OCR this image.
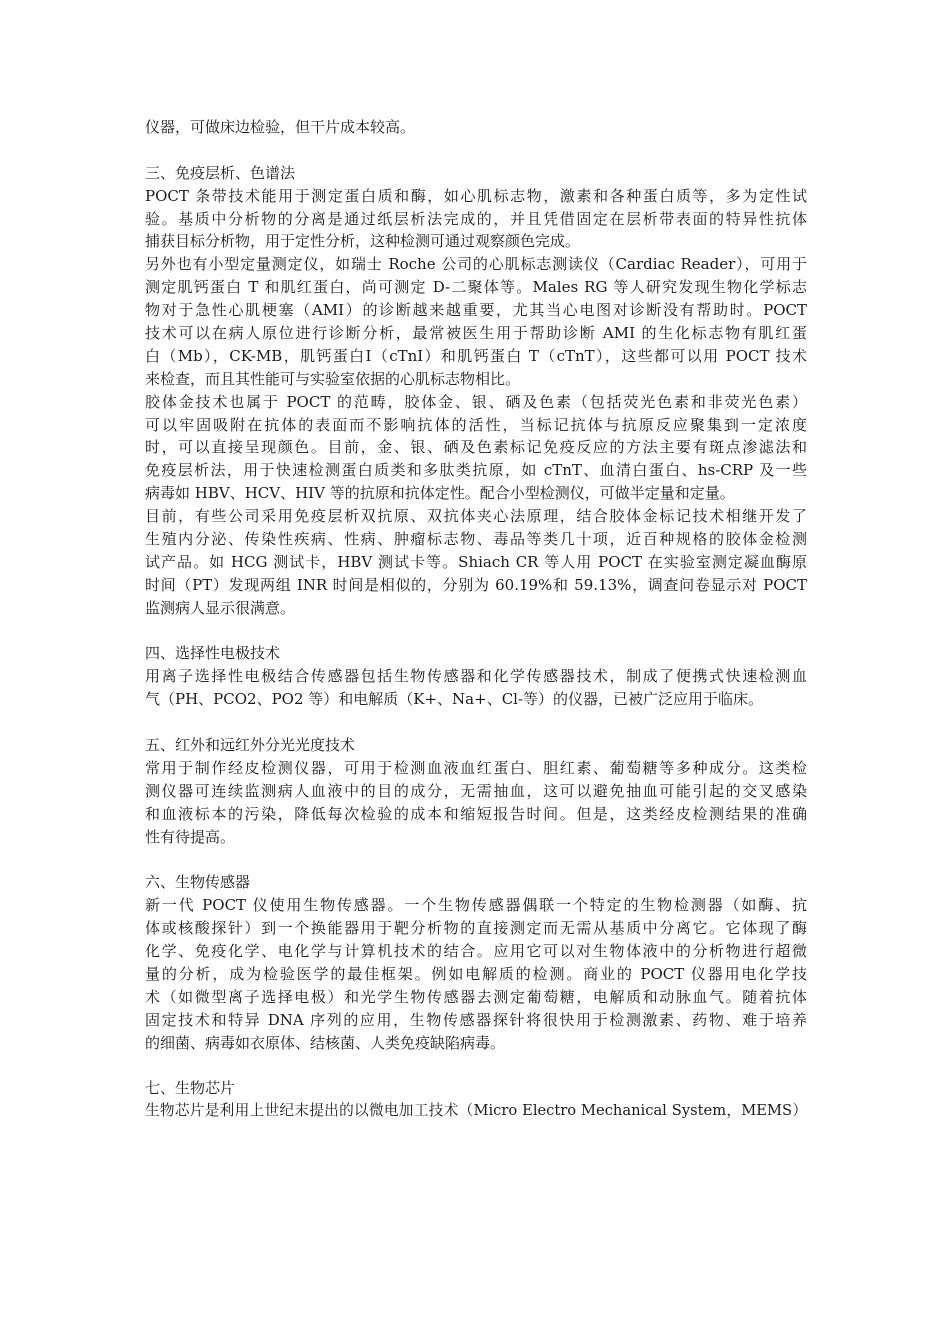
仪器，可做床边检验，但干片成本较高。
三、免疫层析、色谱法
POCT 条带技术能用于测定蛋白质和酶，如心肌标志物，激素和各种蛋白质等，多为定性试
验。基质中分析物的分离是通过纸层析法完成的，并且凭借固定在层析带表面的特异性抗体
捕获目标分析物，用于定性分析，这种检测可通过观察颜色完成。
另外也有小型定量测定仪，如瑞士 Roche 公司的心肌标志测读仪（Cardiac Reader），可用于
测定肌钙蛋白 T 和肌红蛋白，尚可测定 D-二聚体等。Males RG 等人研究发现生物化学标志
物对于急性心肌梗塞（AMI）的诊断越来越重要，尤其当心电图对诊断没有帮助时。POCT
技术可以在病人原位进行诊断分析，最常被医生用于帮助诊断 AMI 的生化标志物有肌红蛋
白（Mb），CK-MB，肌钙蛋白Ⅰ（cTnI）和肌钙蛋白 T（cTnT），这些都可以用 POCT 技术
来检查，而且其性能可与实验室依据的心肌标志物相比。
胶体金技术也属于 POCT 的范畴，胶体金、银、硒及色素（包括荧光色素和非荧光色素）
可以牢固吸附在抗体的表面而不影响抗体的活性，当标记抗体与抗原反应聚集到一定浓度
时，可以直接呈现颜色。目前，金、银、硒及色素标记免疫反应的方法主要有斑点渗滤法和
免疫层析法，用于快速检测蛋白质类和多肽类抗原，如 cTnT、血清白蛋白、hs-CRP 及一些
病毒如 HBV、HCV、HIV 等的抗原和抗体定性。配合小型检测仪，可做半定量和定量。
目前，有些公司采用免疫层析双抗原、双抗体夹心法原理，结合胶体金标记技术相继开发了
生殖内分泌、传染性疾病、性病、肿瘤标志物、毒品等类几十项，近百种规格的胶体金检测
试产品。如 HCG 测试卡，HBV 测试卡等。Shiach CR 等人用 POCT 在实验室测定凝血酶原
时间（PT）发现两组 INR 时间是相似的，分别为 60.19%和 59.13%，调查问卷显示对 POCT
监测病人显示很满意。
四、选择性电极技术
用离子选择性电极结合传感器包括生物传感器和化学传感器技术，制成了便携式快速检测血
气（PH、PCO2、PO2 等）和电解质（K+、Na+、Cl-等）的仪器，已被广泛应用于临床。
五、红外和远红外分光光度技术
常用于制作经皮检测仪器，可用于检测血液血红蛋白、胆红素、葡萄糖等多种成分。这类检
测仪器可连续监测病人血液中的目的成分，无需抽血，这可以避免抽血可能引起的交叉感染
和血液标本的污染，降低每次检验的成本和缩短报告时间。但是，这类经皮检测结果的准确
性有待提高。
六、生物传感器
新一代 POCT 仪使用生物传感器。一个生物传感器偶联一个特定的生物检测器（如酶、抗
体或核酸探针）到一个换能器用于靶分析物的直接测定而无需从基质中分离它。它体现了酶
化学、免疫化学、电化学与计算机技术的结合。应用它可以对生物体液中的分析物进行超微
量的分析，成为检验医学的最佳框架。例如电解质的检测。商业的 POCT 仪器用电化学技
术（如微型离子选择电极）和光学生物传感器去测定葡萄糖，电解质和动脉血气。随着抗体
固定技术和特异 DNA 序列的应用，生物传感器探针将很快用于检测激素、药物、难于培养
的细菌、病毒如衣原体、结核菌、人类免疫缺陷病毒。
七、生物芯片
生物芯片是利用上世纪末提出的以微电加工技术（Micro Electro Mechanical System，MEMS）
